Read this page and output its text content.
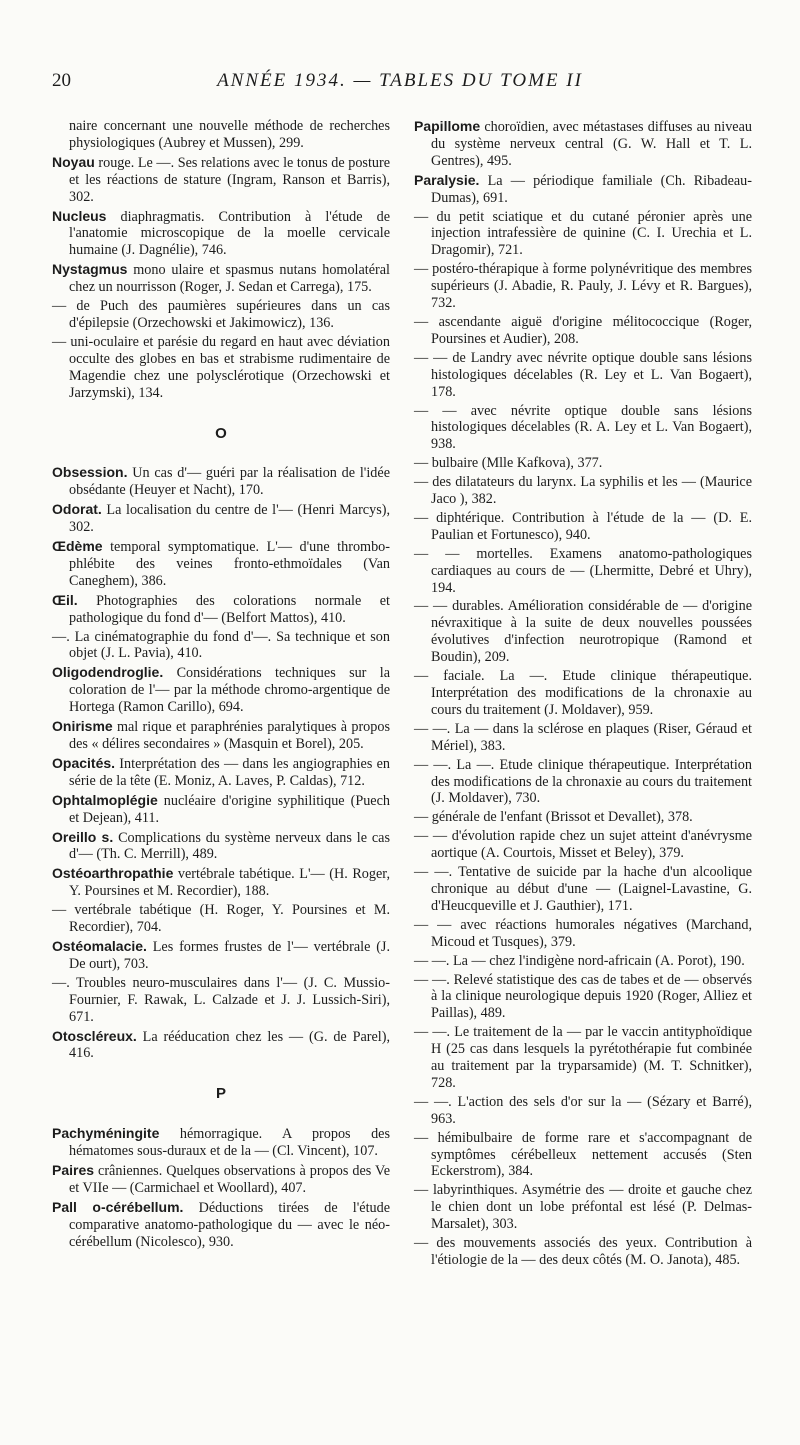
20	ANNÉE 1934. — TABLES DU TOME II

naire concernant une nouvelle méthode de recherches physiologiques (Aubrey et Mussen), 299.

Noyau rouge. Le —. Ses relations avec le tonus de posture et les réactions de stature (Ingram, Ranson et Barris), 302.

Nucleus diaphragmatis. Contribution à l'étude de l'anatomie microscopique de la moelle cervicale humaine (J. Dagnélie), 746.

Nystagmus mono ulaire et spasmus nutans homolatéral chez un nourrisson (Roger, J. Sedan et Carrega), 175.

— de Puch des paumières supérieures dans un cas d'épilepsie (Orzechowski et Jakimowicz), 136.

— uni-oculaire et parésie du regard en haut avec déviation occulte des globes en bas et strabisme rudimentaire de Magendie chez une polysclérotique (Orzechowski et Jarzymski), 134.

O

Obsession. Un cas d'— guéri par la réalisation de l'idée obsédante (Heuyer et Nacht), 170.

Odorat. La localisation du centre de l'— (Henri Marcys), 302.

Œdème temporal symptomatique. L'— d'une thrombo-phlébite des veines fronto-ethmoïdales (Van Caneghem), 386.

Œil. Photographies des colorations normale et pathologique du fond d'— (Belfort Mattos), 410.

—. La cinématographie du fond d'—. Sa technique et son objet (J. L. Pavia), 410.

Oligodendroglie. Considérations techniques sur la coloration de l'— par la méthode chromo-argentique de Hortega (Ramon Carillo), 694.

Onirisme mal rique et paraphrénies paralytiques à propos des « délires secondaires » (Masquin et Borel), 205.

Opacités. Interprétation des — dans les angiographies en série de la tête (E. Moniz, A. Laves, P. Caldas), 712.

Ophtalmoplégie nucléaire d'origine syphilitique (Puech et Dejean), 411.

Oreillo s. Complications du système nerveux dans le cas d'— (Th. C. Merrill), 489.

Ostéoarthropathie vertébrale tabétique. L'— (H. Roger, Y. Poursines et M. Recordier), 188.

— vertébrale tabétique (H. Roger, Y. Poursines et M. Recordier), 704.

Ostéomalacie. Les formes frustes de l'— vertébrale (J. De ourt), 703.

—. Troubles neuro-musculaires dans l'— (J. C. Mussio-Fournier, F. Rawak, L. Calzade et J. J. Lussich-Siri), 671.

Otoscléreux. La rééducation chez les — (G. de Parel), 416.

P

Pachyméningite hémorragique. A propos des hématomes sous-duraux et de la — (Cl. Vincent), 107.

Paires crâniennes. Quelques observations à propos des Ve et VIIe — (Carmichael et Woollard), 407.

Pall o-cérébellum. Déductions tirées de l'étude comparative anatomo-pathologique du — avec le néo-cérébellum (Nicolesco), 930.

Papillome choroïdien, avec métastases diffuses au niveau du système nerveux central (G. W. Hall et T. L. Gentres), 495.

Paralysie. La — périodique familiale (Ch. Ribadeau-Dumas), 691.

— du petit sciatique et du cutané péronier après une injection intrafessière de quinine (C. I. Urechia et L. Dragomir), 721.

— postéro-thérapique à forme polynévritique des membres supérieurs (J. Abadie, R. Pauly, J. Lévy et R. Bargues), 732.

— ascendante aiguë d'origine mélitococcique (Roger, Poursines et Audier), 208.

— — de Landry avec névrite optique double sans lésions histologiques décelables (R. Ley et L. Van Bogaert), 178.

— — avec névrite optique double sans lésions histologiques décelables (R. A. Ley et L. Van Bogaert), 938.

— bulbaire (Mlle Kafkova), 377.

— des dilatateurs du larynx. La syphilis et les — (Maurice Jaco ), 382.

— diphtérique. Contribution à l'étude de la — (D. E. Paulian et Fortunesco), 940.

— — mortelles. Examens anatomo-pathologiques cardiaques au cours de — (Lhermitte, Debré et Uhry), 194.

— — durables. Amélioration considérable de — d'origine névraxitique à la suite de deux nouvelles poussées évolutives d'infection neurotropique (Ramond et Boudin), 209.

— faciale. La —. Etude clinique thérapeutique. Interprétation des modifications de la chronaxie au cours du traitement (J. Moldaver), 959.

— —. La — dans la sclérose en plaques (Riser, Géraud et Mériel), 383.

— —. La —. Etude clinique thérapeutique. Interprétation des modifications de la chronaxie au cours du traitement (J. Moldaver), 730.

— générale de l'enfant (Brissot et Devallet), 378.

— — d'évolution rapide chez un sujet atteint d'anévrysme aortique (A. Courtois, Misset et Beley), 379.

— —. Tentative de suicide par la hache d'un alcoolique chronique au début d'une — (Laignel-Lavastine, G. d'Heucqueville et J. Gauthier), 171.

— — avec réactions humorales négatives (Marchand, Micoud et Tusques), 379.

— —. La — chez l'indigène nord-africain (A. Porot), 190.

— —. Relevé statistique des cas de tabes et de — observés à la clinique neurologique depuis 1920 (Roger, Alliez et Paillas), 489.

— —. Le traitement de la — par le vaccin antityphoïdique H (25 cas dans lesquels la pyrétothérapie fut combinée au traitement par la tryparsamide) (M. T. Schnitker), 728.

— —. L'action des sels d'or sur la — (Sézary et Barré), 963.

— hémibulbaire de forme rare et s'accompagnant de symptômes cérébelleux nettement accusés (Sten Eckerstrom), 384.

— labyrinthiques. Asymétrie des — droite et gauche chez le chien dont un lobe préfontal est lésé (P. Delmas-Marsalet), 303.

— des mouvements associés des yeux. Contribution à l'étiologie de la — des deux côtés (M. O. Janota), 485.
